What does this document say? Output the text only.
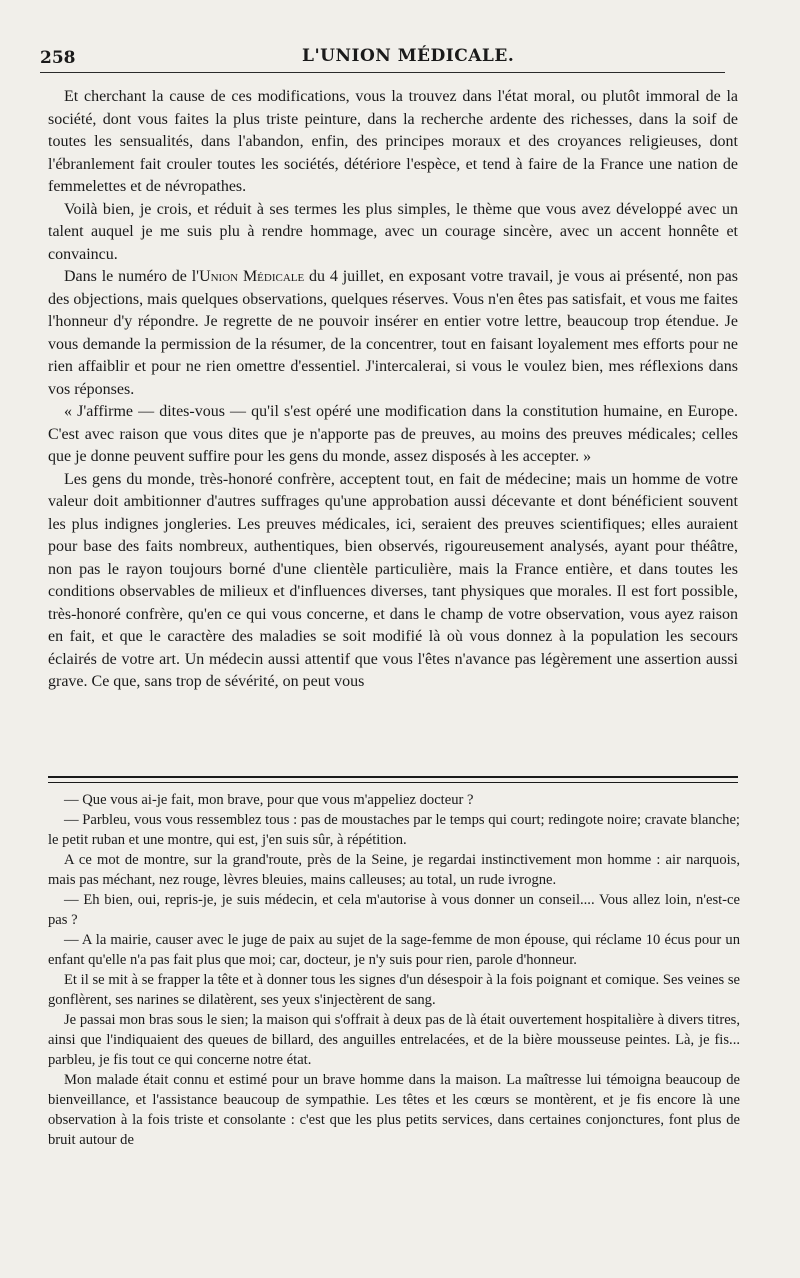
258	L'UNION MÉDICALE.

Et cherchant la cause de ces modifications, vous la trouvez dans l'état moral, ou plutôt immoral de la société, dont vous faites la plus triste peinture, dans la recherche ardente des richesses, dans la soif de toutes les sensualités, dans l'abandon, enfin, des principes moraux et des croyances religieuses, dont l'ébranlement fait crouler toutes les sociétés, détériore l'espèce, et tend à faire de la France une nation de femmelettes et de névropathes.

Voilà bien, je crois, et réduit à ses termes les plus simples, le thème que vous avez développé avec un talent auquel je me suis plu à rendre hommage, avec un courage sincère, avec un accent honnête et convaincu.

Dans le numéro de l'Union Médicale du 4 juillet, en exposant votre travail, je vous ai présenté, non pas des objections, mais quelques observations, quelques réserves. Vous n'en êtes pas satisfait, et vous me faites l'honneur d'y répondre. Je regrette de ne pouvoir insérer en entier votre lettre, beaucoup trop étendue. Je vous demande la permission de la résumer, de la concentrer, tout en faisant loyalement mes efforts pour ne rien affaiblir et pour ne rien omettre d'essentiel. J'intercalerai, si vous le voulez bien, mes réflexions dans vos réponses.

« J'affirme — dites-vous — qu'il s'est opéré une modification dans la constitution humaine, en Europe. C'est avec raison que vous dites que je n'apporte pas de preuves, au moins des preuves médicales; celles que je donne peuvent suffire pour les gens du monde, assez disposés à les accepter. »

Les gens du monde, très-honoré confrère, acceptent tout, en fait de médecine; mais un homme de votre valeur doit ambitionner d'autres suffrages qu'une approbation aussi décevante et dont bénéficient souvent les plus indignes jongleries. Les preuves médicales, ici, seraient des preuves scientifiques; elles auraient pour base des faits nombreux, authentiques, bien observés, rigoureusement analysés, ayant pour théâtre, non pas le rayon toujours borné d'une clientèle particulière, mais la France entière, et dans toutes les conditions observables de milieux et d'influences diverses, tant physiques que morales. Il est fort possible, très-honoré confrère, qu'en ce qui vous concerne, et dans le champ de votre observation, vous ayez raison en fait, et que le caractère des maladies se soit modifié là où vous donnez à la population les secours éclairés de votre art. Un médecin aussi attentif que vous l'êtes n'avance pas légèrement une assertion aussi grave. Ce que, sans trop de sévérité, on peut vous

— Que vous ai-je fait, mon brave, pour que vous m'appeliez docteur ?

— Parbleu, vous vous ressemblez tous : pas de moustaches par le temps qui court; redingote noire; cravate blanche; le petit ruban et une montre, qui est, j'en suis sûr, à répétition.

A ce mot de montre, sur la grand'route, près de la Seine, je regardai instinctivement mon homme : air narquois, mais pas méchant, nez rouge, lèvres bleuies, mains calleuses; au total, un rude ivrogne.

— Eh bien, oui, repris-je, je suis médecin, et cela m'autorise à vous donner un conseil.... Vous allez loin, n'est-ce pas ?

— A la mairie, causer avec le juge de paix au sujet de la sage-femme de mon épouse, qui réclame 10 écus pour un enfant qu'elle n'a pas fait plus que moi; car, docteur, je n'y suis pour rien, parole d'honneur.

Et il se mit à se frapper la tête et à donner tous les signes d'un désespoir à la fois poignant et comique. Ses veines se gonflèrent, ses narines se dilatèrent, ses yeux s'injectèrent de sang.

Je passai mon bras sous le sien; la maison qui s'offrait à deux pas de là était ouvertement hospitalière à divers titres, ainsi que l'indiquaient des queues de billard, des anguilles entrelacées, et de la bière mousseuse peintes. Là, je fis... parbleu, je fis tout ce qui concerne notre état.

Mon malade était connu et estimé pour un brave homme dans la maison. La maîtresse lui témoigna beaucoup de bienveillance, et l'assistance beaucoup de sympathie. Les têtes et les cœurs se montèrent, et je fis encore là une observation à la fois triste et consolante : c'est que les plus petits services, dans certaines conjonctures, font plus de bruit autour de
